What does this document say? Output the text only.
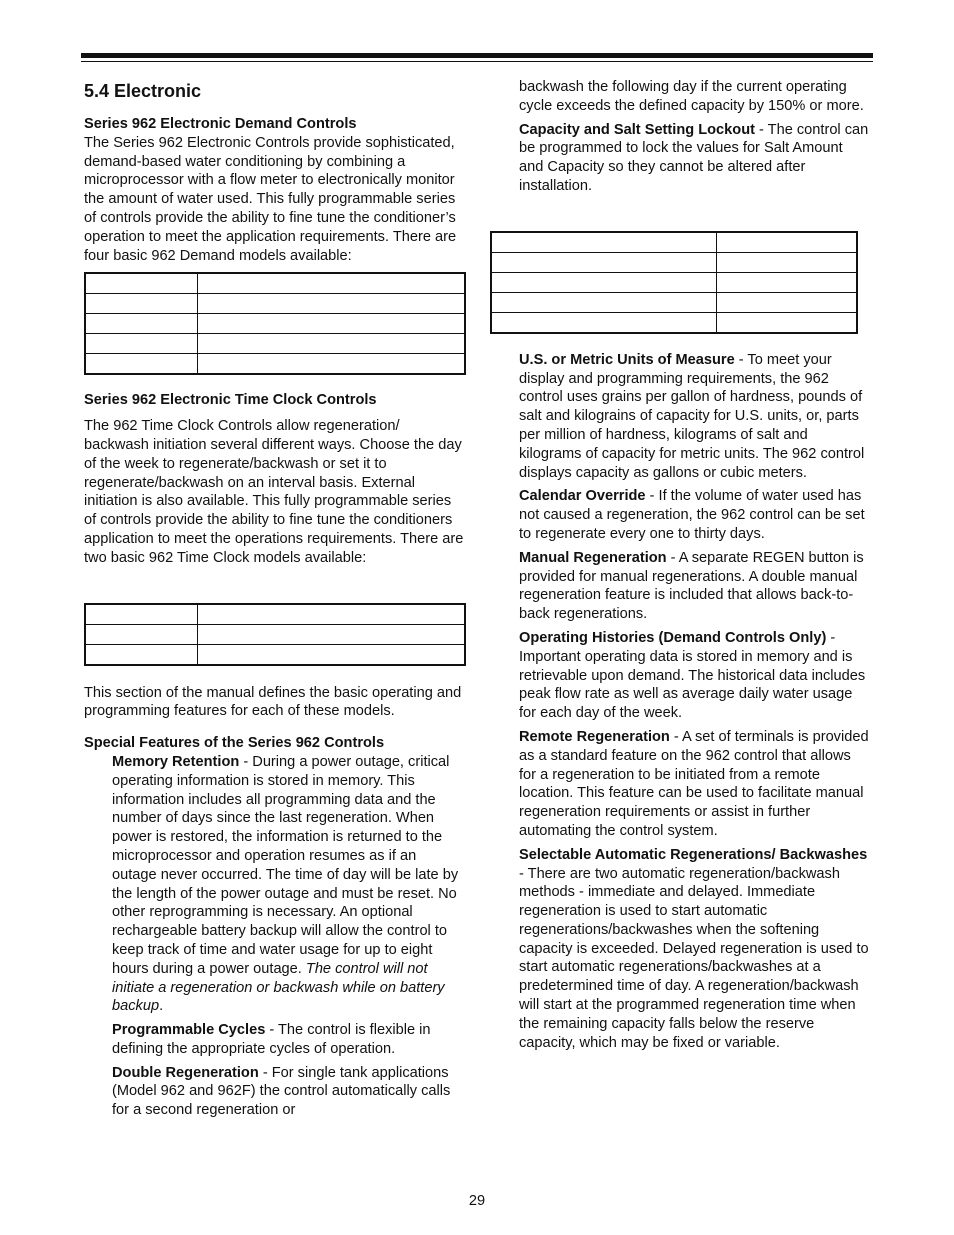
5.4 Electronic

Series 962 Electronic Demand Controls

The Series 962 Electronic Controls provide sophisticated, demand-based water conditioning by combining a microprocessor with a flow meter to electronically monitor the amount of water used. This fully programmable series of controls provide the ability to fine tune the conditioner’s operation to meet the application requirements. There are four basic 962 Demand models available:

Series 962 Electronic Time Clock Controls

The 962 Time Clock Controls allow regeneration/ backwash initiation several different ways. Choose the day of the week to regenerate/backwash or set it to regenerate/backwash on an interval basis. External initiation is also available. This fully programmable series of controls provide the ability to fine tune the conditioners application to meet the operations requirements. There are two basic 962 Time Clock models available:

This section of the manual defines the basic operating and programming features for each of these models.

Special Features of the Series 962 Controls

Memory Retention - During a power outage, critical operating information is stored in memory. This information includes all programming data and the number of days since the last regeneration. When power is restored, the information is returned to the microprocessor and operation resumes as if an outage never occurred. The time of day will be late by the length of the power outage and must be reset. No other reprogramming is necessary. An optional rechargeable battery backup will allow the control to keep track of time and water usage for up to eight hours during a power outage. The control will not initiate a regeneration or backwash while on battery backup.

Programmable Cycles - The control is flexible in defining the appropriate cycles of operation.

Double Regeneration - For single tank applications (Model 962 and 962F) the control automatically calls for a second regeneration or

backwash the following day if the current operating cycle exceeds the defined capacity by 150% or more.

Capacity and Salt Setting Lockout - The control can be programmed to lock the values for Salt Amount and Capacity so they cannot be altered after installation.

U.S. or Metric Units of Measure - To meet your display and programming requirements, the 962 control uses grains per gallon of hardness, pounds of salt and kilograins of capacity for U.S. units, or, parts per million of hardness, kilograms of salt and kilograms of capacity for metric units. The 962 control displays capacity as gallons or cubic meters.

Calendar Override - If the volume of water used has not caused a regeneration, the 962 control can be set to regenerate every one to thirty days.

Manual Regeneration - A separate REGEN button is provided for manual regenerations. A double manual regeneration feature is included that allows back-to-back regenerations.

Operating Histories (Demand Controls Only) - Important operating data is stored in memory and is retrievable upon demand. The historical data includes peak flow rate as well as average daily water usage for each day of the week.

Remote Regeneration - A set of terminals is provided as a standard feature on the 962 control that allows for a regeneration to be initiated from a remote location. This feature can be used to facilitate manual regeneration requirements or assist in further automating the control system.

Selectable Automatic Regenerations/ Backwashes - There are two automatic regeneration/backwash methods - immediate and delayed. Immediate regeneration is used to start automatic regenerations/backwashes when the softening capacity is exceeded. Delayed regeneration is used to start automatic regenerations/backwashes at a predetermined time of day. A regeneration/backwash will start at the programmed regeneration time when the remaining capacity falls below the reserve capacity, which may be fixed or variable.

29
